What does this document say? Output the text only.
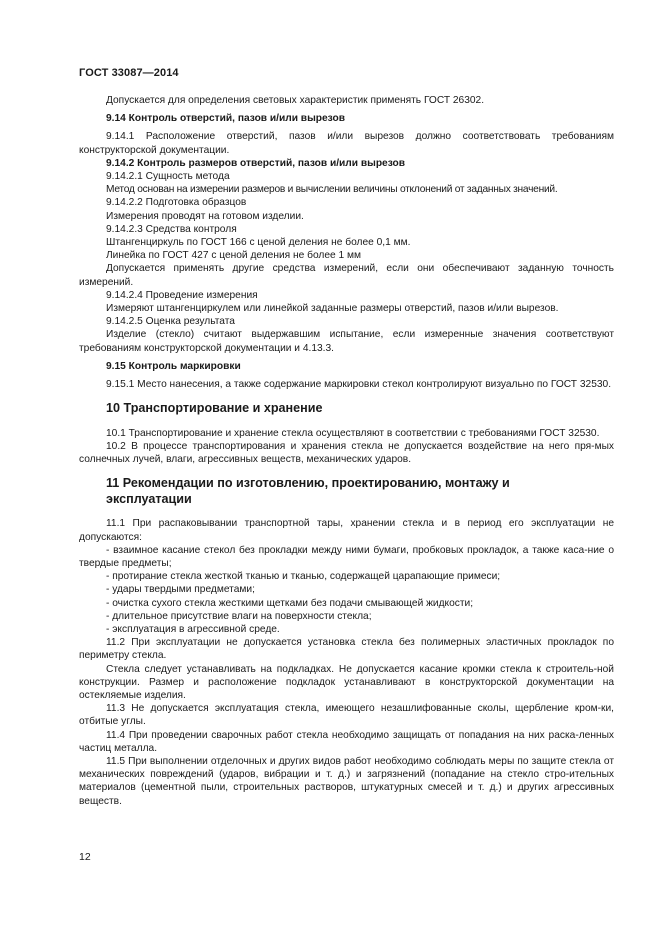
ГОСТ 33087—2014

Допускается для определения световых характеристик применять ГОСТ 26302.

9.14 Контроль отверстий, пазов и/или вырезов

9.14.1 Расположение отверстий, пазов и/или вырезов должно соответствовать требованиям конструкторской документации.

9.14.2 Контроль размеров отверстий, пазов и/или вырезов

9.14.2.1 Сущность метода

Метод основан на измерении размеров и вычислении величины отклонений от заданных значений.

9.14.2.2 Подготовка образцов

Измерения проводят на готовом изделии.

9.14.2.3 Средства контроля

Штангенциркуль по ГОСТ 166 с ценой деления не более 0,1 мм.

Линейка по ГОСТ 427 с ценой деления не более 1 мм

Допускается применять другие средства измерений, если они обеспечивают заданную точность измерений.

9.14.2.4 Проведение измерения

Измеряют штангенциркулем или линейкой заданные размеры отверстий, пазов и/или вырезов.

9.14.2.5 Оценка результата

Изделие (стекло) считают выдержавшим испытание, если измеренные значения соответствуют требованиям конструкторской документации и 4.13.3.

9.15 Контроль маркировки

9.15.1 Место нанесения, а также содержание маркировки стекол контролируют визуально по ГОСТ 32530.

10 Транспортирование и хранение

10.1 Транспортирование и хранение стекла осуществляют в соответствии с требованиями ГОСТ 32530.

10.2 В процессе транспортирования и хранения стекла не допускается воздействие на него пря-мых солнечных лучей, влаги, агрессивных веществ, механических ударов.

11 Рекомендации по изготовлению, проектированию, монтажу и эксплуатации

11.1 При распаковывании транспортной тары, хранении стекла и в период его эксплуатации не допускаются:

- взаимное касание стекол без прокладки между ними бумаги, пробковых прокладок, а также каса-ние о твердые предметы;

- протирание стекла жесткой тканью и тканью, содержащей царапающие примеси;

- удары твердыми предметами;

- очистка сухого стекла жесткими щетками без подачи смывающей жидкости;

- длительное присутствие влаги на поверхности стекла;

- эксплуатация в агрессивной среде.

11.2 При эксплуатации не допускается установка стекла без полимерных эластичных прокладок по периметру стекла.

Стекла следует устанавливать на подкладках. Не допускается касание кромки стекла к строитель-ной конструкции. Размер и расположение подкладок устанавливают в конструкторской документации на остекляемые изделия.

11.3 Не допускается эксплуатация стекла, имеющего незашлифованные сколы, щербление кром-ки, отбитые углы.

11.4 При проведении сварочных работ стекла необходимо защищать от попадания на них раска-ленных частиц металла.

11.5 При выполнении отделочных и других видов работ необходимо соблюдать меры по защите стекла от механических повреждений (ударов, вибрации и т. д.) и загрязнений (попадание на стекло стро-ительных материалов (цементной пыли, строительных растворов, штукатурных смесей и т. д.) и других агрессивных веществ.

12
